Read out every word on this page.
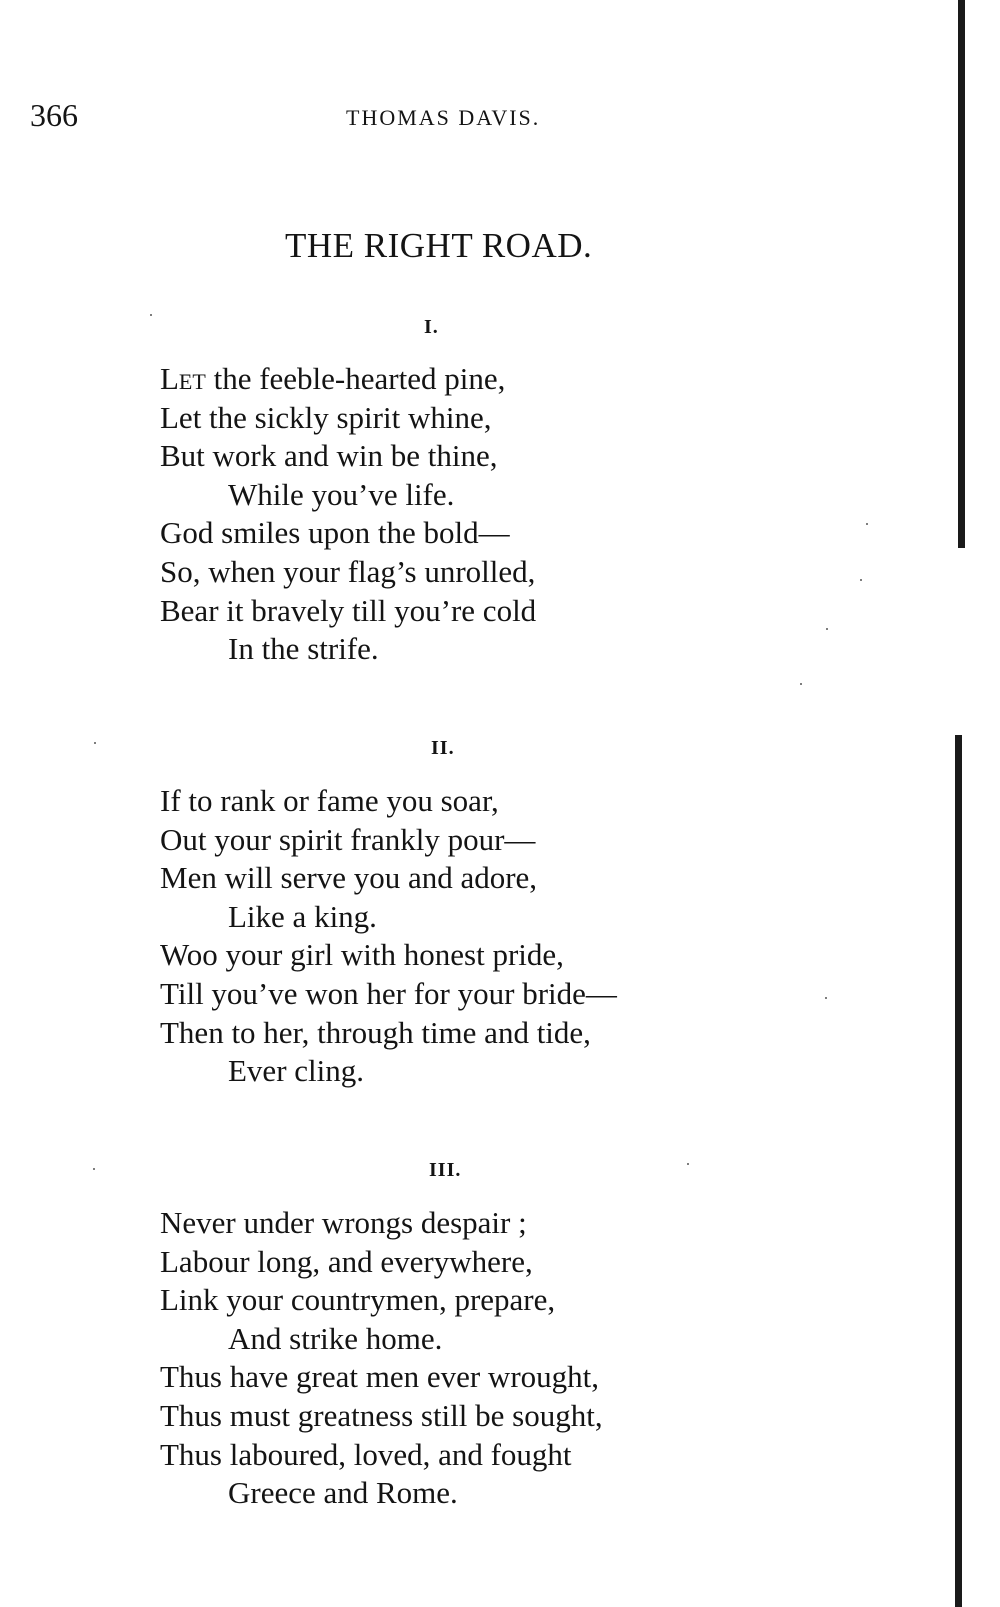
366	THOMAS DAVIS.
THE RIGHT ROAD.
I.
Let the feeble-hearted pine,
Let the sickly spirit whine,
But work and win be thine,
While you’ve life.
God smiles upon the bold—
So, when your flag’s unrolled,
Bear it bravely till you’re cold
In the strife.
II.
If to rank or fame you soar,
Out your spirit frankly pour—
Men will serve you and adore,
Like a king.
Woo your girl with honest pride,
Till you’ve won her for your bride—
Then to her, through time and tide,
Ever cling.
III.
Never under wrongs despair ;
Labour long, and everywhere,
Link your countrymen, prepare,
And strike home.
Thus have great men ever wrought,
Thus must greatness still be sought,
Thus laboured, loved, and fought
Greece and Rome.
